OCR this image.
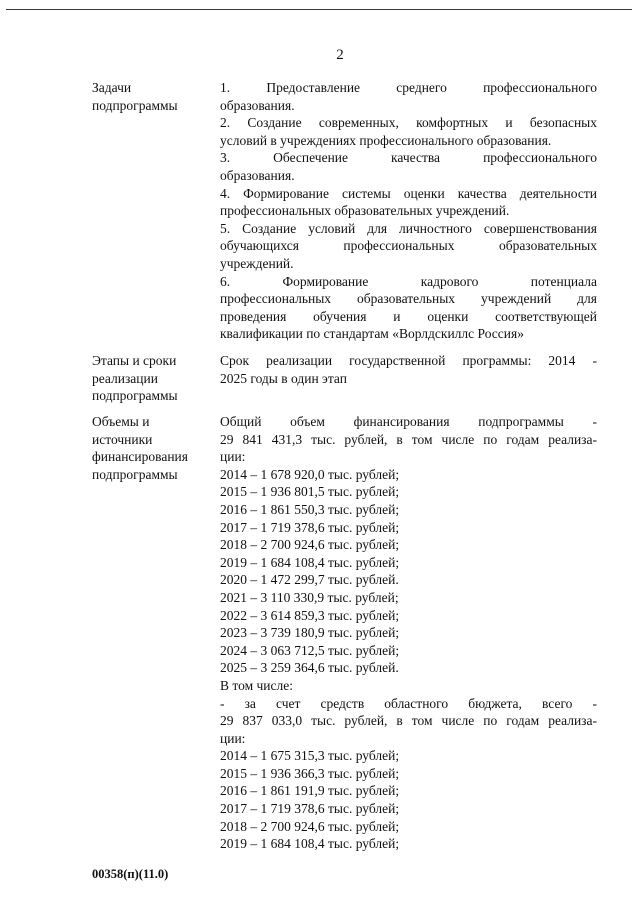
2
Задачи
подпрограммы
1. Предоставление среднего профессионального
образования.
2. Создание современных, комфортных и безопасных
условий в учреждениях профессионального образования.
3. Обеспечение качества профессионального
образования.
4. Формирование системы оценки качества деятельности
профессиональных образовательных учреждений.
5. Создание условий для личностного совершенствования
обучающихся профессиональных образовательных
учреждений.
6. Формирование кадрового потенциала
профессиональных образовательных учреждений для
проведения обучения и оценки соответствующей
квалификации по стандартам «Ворлдскиллс Россия»
Этапы и сроки
реализации
подпрограммы
Срок реализации государственной программы: 2014 -
2025 годы в один этап
Объемы и
источники
финансирования
подпрограммы
Общий объем финансирования подпрограммы -
29 841 431,3 тыс. рублей, в том числе по годам реализа-
ции:
2014 – 1 678 920,0 тыс. рублей;
2015 – 1 936 801,5 тыс. рублей;
2016 – 1 861 550,3 тыс. рублей;
2017 – 1 719 378,6 тыс. рублей;
2018 – 2 700 924,6 тыс. рублей;
2019 – 1 684 108,4 тыс. рублей;
2020 – 1 472 299,7 тыс. рублей.
2021 – 3 110 330,9 тыс. рублей;
2022 – 3 614 859,3 тыс. рублей;
2023 – 3 739 180,9 тыс. рублей;
2024 – 3 063 712,5 тыс. рублей;
2025 – 3 259 364,6 тыс. рублей.
В том числе:
- за счет средств областного бюджета, всего -
29 837 033,0 тыс. рублей, в том числе по годам реализа-
ции:
2014 – 1 675 315,3 тыс. рублей;
2015 – 1 936 366,3 тыс. рублей;
2016 – 1 861 191,9 тыс. рублей;
2017 – 1 719 378,6 тыс. рублей;
2018 – 2 700 924,6 тыс. рублей;
2019 – 1 684 108,4 тыс. рублей;
00358(п)(11.0)
